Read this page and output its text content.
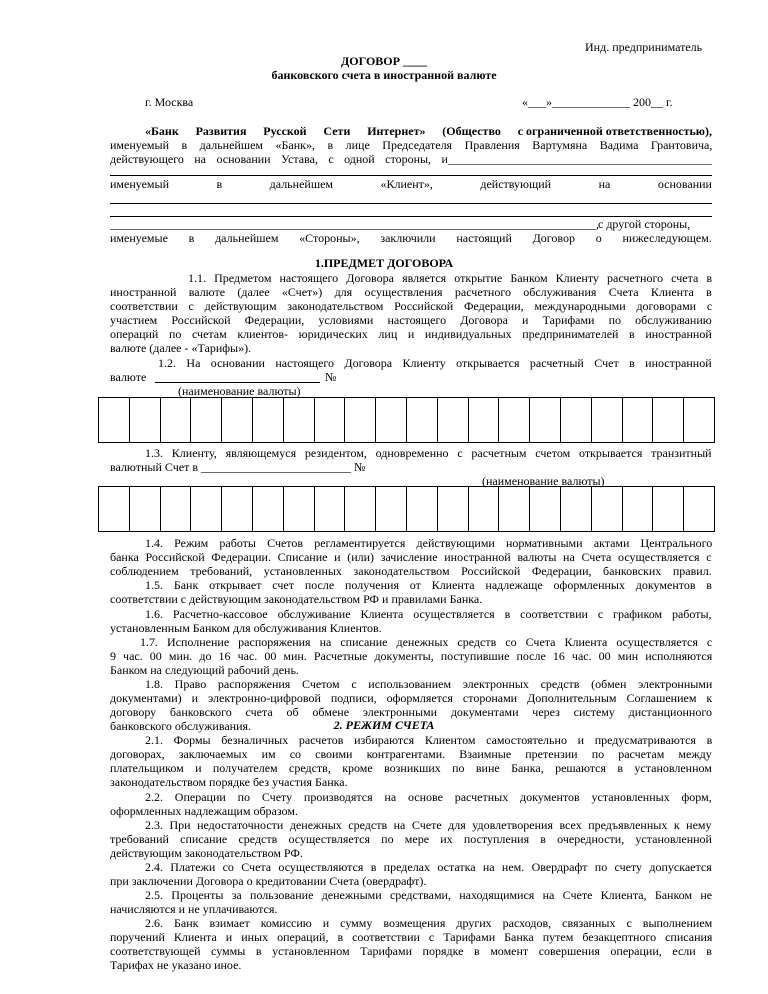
Инд. предприниматель
ДОГОВОР ____
банковского счета в иностранной валюте
г. Москва	«___»_____________ 200__ г.
«Банк Развития Русской Сети Интернет» (Общество с ограниченной ответственностью),
именуемый в дальнейшем «Банк», в лице Председателя Правления Вартумяна Вадима Грантовича,
действующего на основании Устава, с одной стороны, и____________________________________________
именуемый	в	дальнейшем	«Клиент»,	действующий	на	основании
_________________________________________________________________________________, с другой стороны,
именуемые в дальнейшем «Стороны», заключили настоящий Договор о нижеследующем.
1.ПРЕДМЕТ ДОГОВОРА
1.1. Предметом настоящего Договора является открытие Банком Клиенту расчетного счета в
иностранной валюте (далее «Счет») для осуществления расчетного обслуживания Счета Клиента в
соответствии с действующим законодательством Российской Федерации, международными договорами с
участием Российской Федерации, условиями настоящего Договора и Тарифами по обслуживанию
операций по счетам клиентов- юридических лиц и индивидуальных предпринимателей в иностранной
валюте (далее - «Тарифы»).
1.2. На основании настоящего Договора Клиенту открывается расчетный Счет в иностранной
валюте	№
(наименование валюты)
1.3. Клиенту, являющемуся резидентом, одновременно с расчетным счетом открывается транзитный
валютный Счет в _________________________ №
(наименование валюты)
1.4. Режим работы Счетов регламентируется действующими нормативными актами Центрального
банка Российской Федерации. Списание и (или) зачисление иностранной валюты на Счета осуществляется с
соблюдением требований, установленных законодательством Российской Федерации, банковских правил.
1.5. Банк открывает счет после получения от Клиента надлежаще оформленных документов в
соответствии с действующим законодательством РФ и правилами Банка.
1.6. Расчетно-кассовое обслуживание Клиента осуществляется в соответствии с графиком работы,
установленным Банком для обслуживания Клиентов.
1.7. Исполнение распоряжения на списание денежных средств со Счета Клиента осуществляется с
9 час. 00 мин. до 16 час. 00 мин. Расчетные документы, поступившие после 16 час. 00 мин исполняются
Банком на следующий рабочий день.
1.8. Право распоряжения Счетом с использованием электронных средств (обмен электронными
документами) и электронно-цифровой подписи, оформляется сторонами Дополнительным Соглашением к
договору банковского счета об обмене электронными документами через систему дистанционного
банковского обслуживания.	2. РЕЖИМ СЧЕТА
2.1. Формы безналичных расчетов избираются Клиентом самостоятельно и предусматриваются в
договорах, заключаемых им со своими контрагентами. Взаимные претензии по расчетам между
плательщиком и получателем средств, кроме возникших по вине Банка, решаются в установленном
законодательством порядке без участия Банка.
2.2. Операции по Счету производятся на основе расчетных документов установленных форм,
оформленных надлежащим образом.
2.3. При недостаточности денежных средств на Счете для удовлетворения всех предъявленных к нему
требований списание средств осуществляется по мере их поступления в очередности, установленной
действующим законодательством РФ.
2.4. Платежи со Счета осуществляются в пределах остатка на нем. Овердрафт по счету допускается
при заключении Договора о кредитовании Счета (овердрафт).
2.5. Проценты за пользование денежными средствами, находящимися на Счете Клиента, Банком не
начисляются и не уплачиваются.
2.6. Банк взимает комиссию и сумму возмещения других расходов, связанных с выполнением
поручений Клиента и иных операций, в соответствии с Тарифами Банка путем безакцептного списания
соответствующей суммы в установленном Тарифами порядке в момент совершения операции, если в
Тарифах не указано иное.
